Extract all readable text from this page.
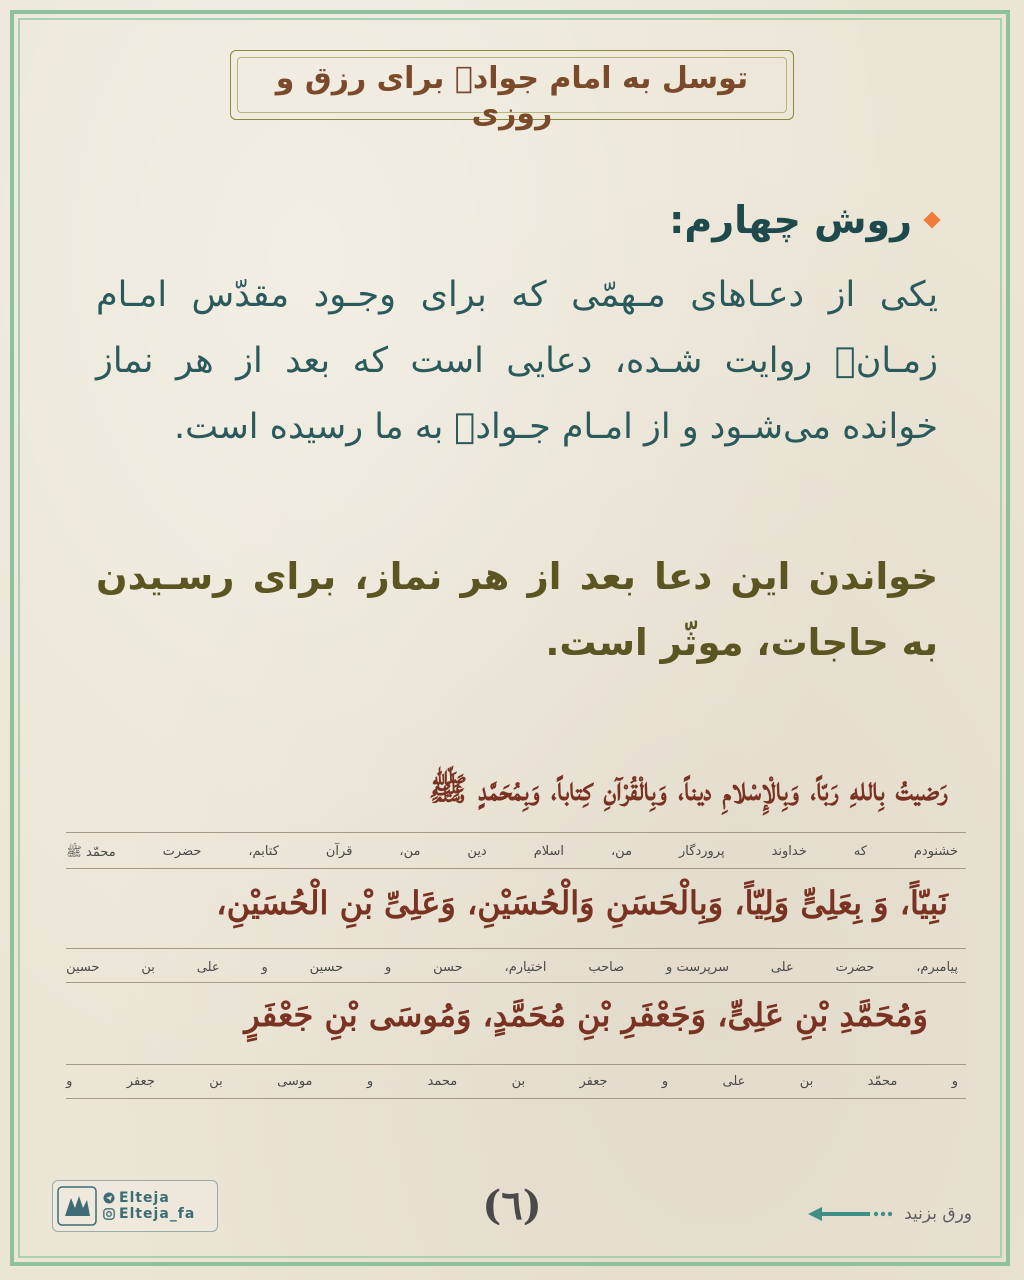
توسل به امام جوادؑ برای رزق و روزی
روش چهارم:
یکی از دعـاهای مـهمّی که برای وجـود مقدّس امـام زمـانؑ روایت شـده، دعایی است که بعد از هر نماز خوانده می‌شـود و از امـام جـوادؑ به ما رسیده است.
خواندن این دعا بعد از هر نماز، برای رسـیدن به حاجات، موثّر است.
رَضیتُ بِاللهِ رَبّاً، وَبِالْإِسْلامِ دیناً، وَبِالْقُرْآنِ کِتاباً، وَبِمُحَمَّدٍ ﷺ
خشنودم
که
خداوند
پروردگار
من،
اسلام
دین
من،
قرآن
کتابم،
حضرت
محمّد ﷺ
نَبِیّاً، وَ بِعَلِیٍّ وَلِیّاً، وَبِالْحَسَنِ وَالْحُسَیْنِ، وَعَلِیِّ بْنِ الْحُسَیْنِ،
پیامبرم،
حضرت
علی
سرپرست و
صاحب
اختیارم،
حسن
و
حسین
و
علی
بن
حسین
وَمُحَمَّدِ بْنِ عَلِیٍّ، وَجَعْفَرِ بْنِ مُحَمَّدٍ، وَمُوسَی بْنِ جَعْفَرٍ
و
محمّد
بن
علی
و
جعفر
بن
محمد
و
موسی
بن
جعفر
و
Elteja
Elteja_fa	(٦)	ورق بزنید
